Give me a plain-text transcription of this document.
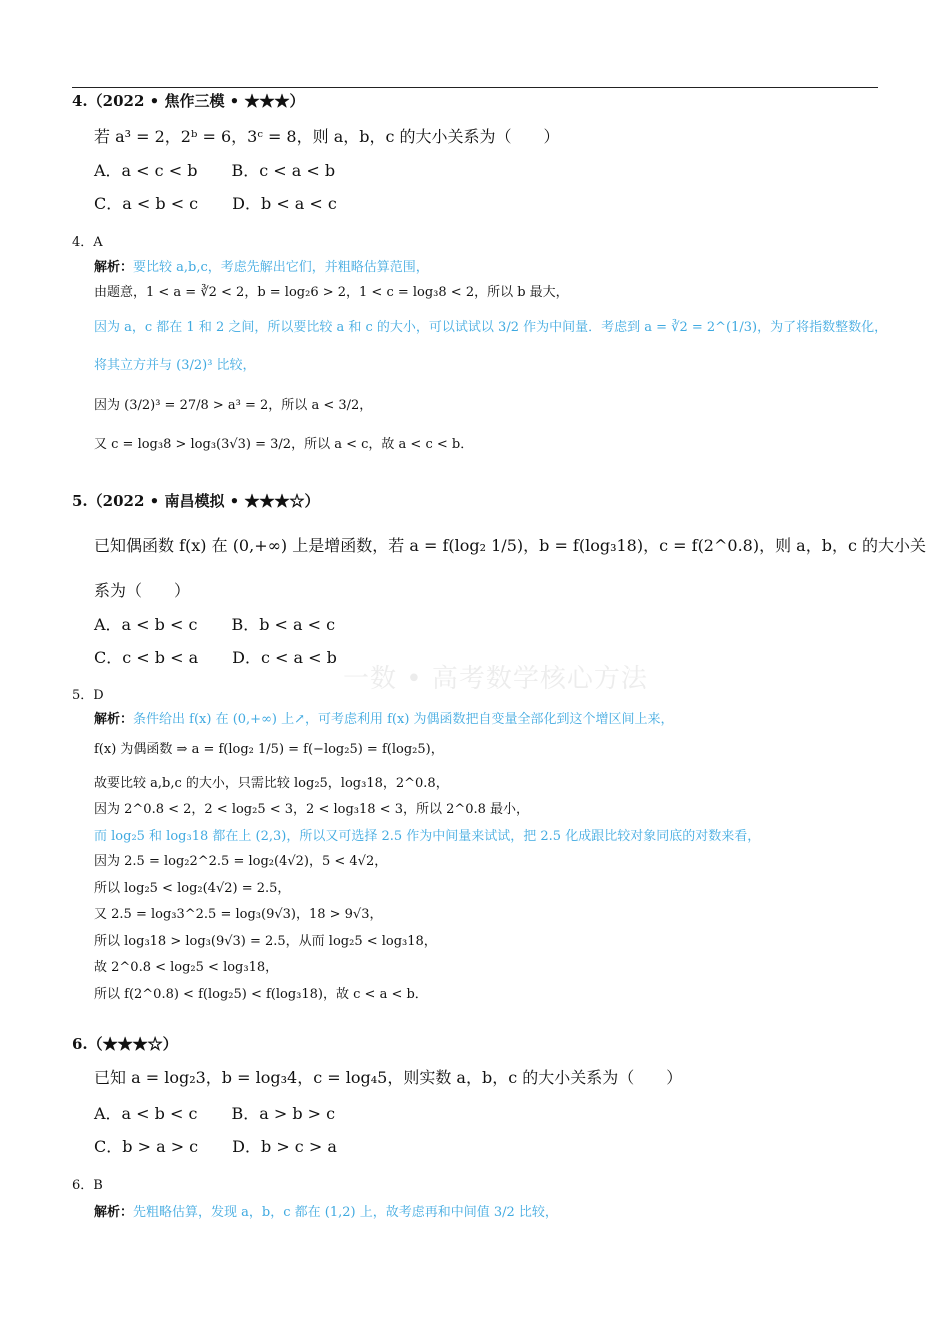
一数 • 高考数学核心方法
4.（2022 • 焦作三模 • ★★★）
若 a³ = 2，2ᵇ = 6，3ᶜ = 8，则 a，b，c 的大小关系为（　　）
A．a < c < b B．c < a < b
C．a < b < c D．b < a < c
4．A
解析：要比较 a,b,c，考虑先解出它们，并粗略估算范围，
由题意，1 < a = ∛2 < 2，b = log₂6 > 2，1 < c = log₃8 < 2，所以 b 最大，
因为 a，c 都在 1 和 2 之间，所以要比较 a 和 c 的大小，可以试试以 3/2 作为中间量．考虑到 a = ∛2 = 2^(1/3)，为了将指数整数化，
将其立方并与 (3/2)³ 比较，
因为 (3/2)³ = 27/8 > a³ = 2，所以 a < 3/2，
又 c = log₃8 > log₃(3√3) = 3/2，所以 a < c，故 a < c < b．
5.（2022 • 南昌模拟 • ★★★☆）
已知偶函数 f(x) 在 (0,+∞) 上是增函数，若 a = f(log₂ 1/5)，b = f(log₃18)，c = f(2^0.8)，则 a，b，c 的大小关
系为（　　）
A．a < b < c B．b < a < c
C．c < b < a D．c < a < b
5．D
解析：条件给出 f(x) 在 (0,+∞) 上↗，可考虑利用 f(x) 为偶函数把自变量全部化到这个增区间上来，
f(x) 为偶函数 ⇒ a = f(log₂ 1/5) = f(−log₂5) = f(log₂5)，
故要比较 a,b,c 的大小，只需比较 log₂5，log₃18，2^0.8，
因为 2^0.8 < 2，2 < log₂5 < 3，2 < log₃18 < 3，所以 2^0.8 最小，
而 log₂5 和 log₃18 都在上 (2,3)，所以又可选择 2.5 作为中间量来试试，把 2.5 化成跟比较对象同底的对数来看，
因为 2.5 = log₂2^2.5 = log₂(4√2)，5 < 4√2，
所以 log₂5 < log₂(4√2) = 2.5，
又 2.5 = log₃3^2.5 = log₃(9√3)，18 > 9√3，
所以 log₃18 > log₃(9√3) = 2.5，从而 log₂5 < log₃18，
故 2^0.8 < log₂5 < log₃18，
所以 f(2^0.8) < f(log₂5) < f(log₃18)，故 c < a < b．
6.（★★★☆）
已知 a = log₂3，b = log₃4，c = log₄5，则实数 a，b，c 的大小关系为（　　）
A．a < b < c B．a > b > c
C．b > a > c D．b > c > a
6．B
解析：先粗略估算，发现 a，b，c 都在 (1,2) 上，故考虑再和中间值 3/2 比较，
